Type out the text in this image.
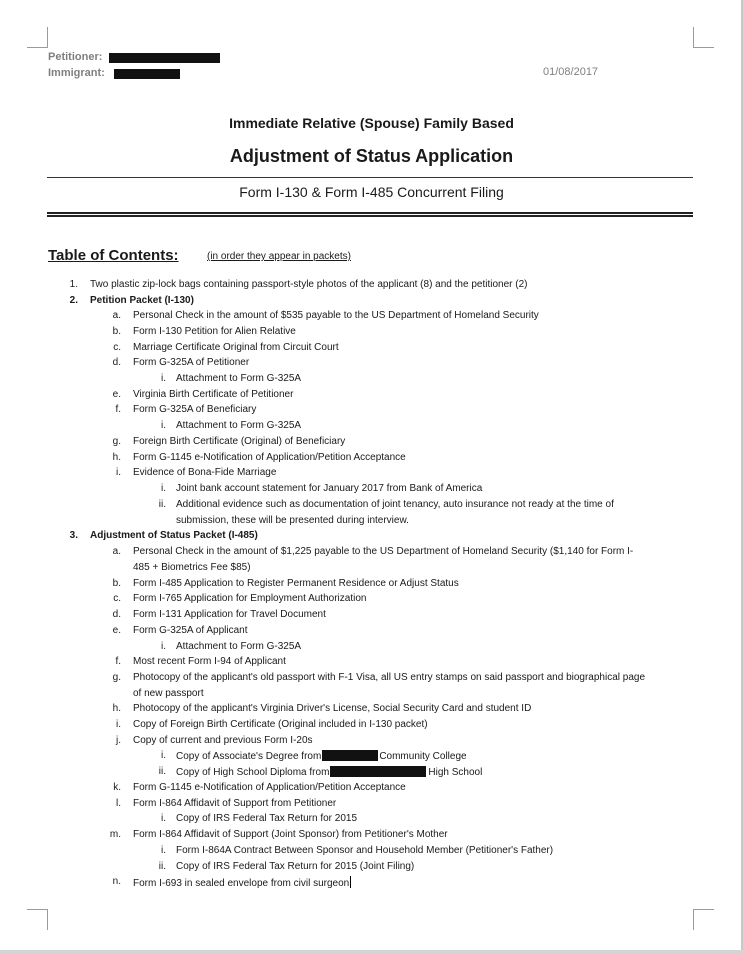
Petitioner:
Immigrant:	01/08/2017
Immediate Relative (Spouse) Family Based
Adjustment of Status Application
Form I-130 & Form I-485 Concurrent Filing
Table of Contents:	(in order they appear in packets)
1. Two plastic zip-lock bags containing passport-style photos of the applicant (8) and the petitioner (2)
2. Petition Packet (I-130)
a. Personal Check in the amount of $535 payable to the US Department of Homeland Security
b. Form I-130 Petition for Alien Relative
c. Marriage Certificate Original from Circuit Court
d. Form G-325A of Petitioner
i. Attachment to Form G-325A
e. Virginia Birth Certificate of Petitioner
f. Form G-325A of Beneficiary
i. Attachment to Form G-325A
g. Foreign Birth Certificate (Original) of Beneficiary
h. Form G-1145 e-Notification of Application/Petition Acceptance
i. Evidence of Bona-Fide Marriage
i. Joint bank account statement for January 2017 from Bank of America
ii. Additional evidence such as documentation of joint tenancy, auto insurance not ready at the time of
submission, these will be presented during interview.
3. Adjustment of Status Packet (I-485)
a. Personal Check in the amount of $1,225 payable to the US Department of Homeland Security ($1,140 for Form I-
485 + Biometrics Fee $85)
b. Form I-485 Application to Register Permanent Residence or Adjust Status
c. Form I-765 Application for Employment Authorization
d. Form I-131 Application for Travel Document
e. Form G-325A of Applicant
i. Attachment to Form G-325A
f. Most recent Form I-94 of Applicant
g. Photocopy of the applicant's old passport with F-1 Visa, all US entry stamps on said passport and biographical page
of new passport
h. Photocopy of the applicant's Virginia Driver's License, Social Security Card and student ID
i. Copy of Foreign Birth Certificate (Original included in I-130 packet)
j. Copy of current and previous Form I-20s
i. Copy of Associate's Degree from	Community College
ii. Copy of High School Diploma from	High School
k. Form G-1145 e-Notification of Application/Petition Acceptance
l. Form I-864 Affidavit of Support from Petitioner
i. Copy of IRS Federal Tax Return for 2015
m. Form I-864 Affidavit of Support (Joint Sponsor) from Petitioner's Mother
i. Form I-864A Contract Between Sponsor and Household Member (Petitioner's Father)
ii. Copy of IRS Federal Tax Return for 2015 (Joint Filing)
n. Form I-693 in sealed envelope from civil surgeon
